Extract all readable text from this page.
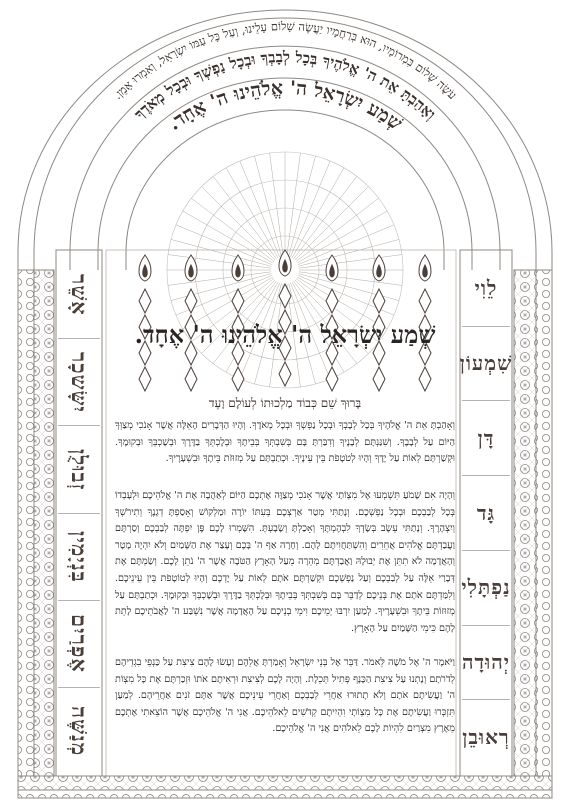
עֹשֶׂה שָׁלוֹם בִּמְרוֹמָיו, הוּא בְּרַחֲמָיו יַעֲשֶׂה שָׁלוֹם עָלֵינוּ, וְעַל כָּל עַמּוֹ יִשְׂרָאֵל, וְאִמְרוּ אָמֵן.
וְאָהַבְתָּ אֵת ה' אֱלֹהֶיךָ בְּכָל לְבָבְךָ וּבְכָל נַפְשְׁךָ וּבְכָל מְאֹדֶךָ
שְׁמַע יִשְׂרָאֵל ה' אֱלֹהֵינוּ ה' אֶחָד.
שְׁמַע יִשְׂרָאֵל ה' אֱלֹהֵינוּ ה' אֶחָד.
בָּרוּךְ שֵׁם כְּבוֹד מַלְכוּתוֹ לְעוֹלָם וָעֶד
וְאָהַבְתָּ אֵת ה' אֱלֹהֶיךָ בְּכָל לְבָבְךָ וּבְכָל נַפְשְׁךָ וּבְכָל מְאֹדֶךָ. וְהָיוּ הַדְּבָרִים הָאֵלֶּה אֲשֶׁר אָנֹכִי מְצַוְּךָ הַיּוֹם עַל לְבָבֶךָ. וְשִׁנַּנְתָּם לְבָנֶיךָ וְדִבַּרְתָּ בָּם בְּשִׁבְתְּךָ בְּבֵיתֶךָ וּבְלֶכְתְּךָ בַדֶּרֶךְ וּבְשָׁכְבְּךָ וּבְקוּמֶךָ. וּקְשַׁרְתָּם לְאוֹת עַל יָדֶךָ וְהָיוּ לְטֹטָפֹת בֵּין עֵינֶיךָ. וּכְתַבְתָּם עַל מְזוּזֹת בֵּיתֶךָ וּבִשְׁעָרֶיךָ.
וְהָיָה אִם שָׁמֹעַ תִּשְׁמְעוּ אֶל מִצְוֹתַי אֲשֶׁר אָנֹכִי מְצַוֶּה אֶתְכֶם הַיּוֹם לְאַהֲבָה אֶת ה' אֱלֹהֵיכֶם וּלְעָבְדוֹ בְּכָל לְבַבְכֶם וּבְכָל נַפְשְׁכֶם. וְנָתַתִּי מְטַר אַרְצְכֶם בְּעִתּוֹ יוֹרֶה וּמַלְקוֹשׁ וְאָסַפְתָּ דְגָנֶךָ וְתִירֹשְׁךָ וְיִצְהָרֶךָ. וְנָתַתִּי עֵשֶׂב בְּשָׂדְךָ לִבְהֶמְתֶּךָ וְאָכַלְתָּ וְשָׂבָעְתָּ. הִשָּׁמְרוּ לָכֶם פֶּן יִפְתֶּה לְבַבְכֶם וְסַרְתֶּם וַעֲבַדְתֶּם אֱלֹהִים אֲחֵרִים וְהִשְׁתַּחֲוִיתֶם לָהֶם. וְחָרָה אַף ה' בָּכֶם וְעָצַר אֶת הַשָּׁמַיִם וְלֹא יִהְיֶה מָטָר וְהָאֲדָמָה לֹא תִתֵּן אֶת יְבוּלָהּ וַאֲבַדְתֶּם מְהֵרָה מֵעַל הָאָרֶץ הַטֹּבָה אֲשֶׁר ה' נֹתֵן לָכֶם. וְשַׂמְתֶּם אֶת דְּבָרַי אֵלֶּה עַל לְבַבְכֶם וְעַל נַפְשְׁכֶם וּקְשַׁרְתֶּם אֹתָם לְאוֹת עַל יֶדְכֶם וְהָיוּ לְטוֹטָפֹת בֵּין עֵינֵיכֶם. וְלִמַּדְתֶּם אֹתָם אֶת בְּנֵיכֶם לְדַבֵּר בָּם בְּשִׁבְתְּךָ בְּבֵיתֶךָ וּבְלֶכְתְּךָ בַדֶּרֶךְ וּבְשָׁכְבְּךָ וּבְקוּמֶךָ. וּכְתַבְתָּם עַל מְזוּזוֹת בֵּיתֶךָ וּבִשְׁעָרֶיךָ. לְמַעַן יִרְבּוּ יְמֵיכֶם וִימֵי בְנֵיכֶם עַל הָאֲדָמָה אֲשֶׁר נִשְׁבַּע ה' לַאֲבֹתֵיכֶם לָתֵת לָהֶם כִּימֵי הַשָּׁמַיִם עַל הָאָרֶץ.
וַיֹּאמֶר ה' אֶל מֹשֶׁה לֵּאמֹר. דַּבֵּר אֶל בְּנֵי יִשְׂרָאֵל וְאָמַרְתָּ אֲלֵהֶם וְעָשׂוּ לָהֶם צִיצִת עַל כַּנְפֵי בִגְדֵיהֶם לְדֹרֹתָם וְנָתְנוּ עַל צִיצִת הַכָּנָף פְּתִיל תְּכֵלֶת. וְהָיָה לָכֶם לְצִיצִת וּרְאִיתֶם אֹתוֹ וּזְכַרְתֶּם אֶת כָּל מִצְוֹת ה' וַעֲשִׂיתֶם אֹתָם וְלֹא תָתוּרוּ אַחֲרֵי לְבַבְכֶם וְאַחֲרֵי עֵינֵיכֶם אֲשֶׁר אַתֶּם זֹנִים אַחֲרֵיהֶם. לְמַעַן תִּזְכְּרוּ וַעֲשִׂיתֶם אֶת כָּל מִצְוֹתָי וִהְיִיתֶם קְדֹשִׁים לֵאלֹהֵיכֶם. אֲנִי ה' אֱלֹהֵיכֶם אֲשֶׁר הוֹצֵאתִי אֶתְכֶם מֵאֶרֶץ מִצְרַיִם לִהְיוֹת לָכֶם לֵאלֹהִים אֲנִי ה' אֱלֹהֵיכֶם.
אָשֵׁר
יִשָּׂשכָר
זְבוּלֻן
בִּנְיָמִין
אֶפְרַיִם
מְנַשֶּׁה
לֵוִי
שִׁמְעוֹן
דָּן
גָּד
נַפְתָּלִי
יְהוּדָה
רְאוּבֵן
